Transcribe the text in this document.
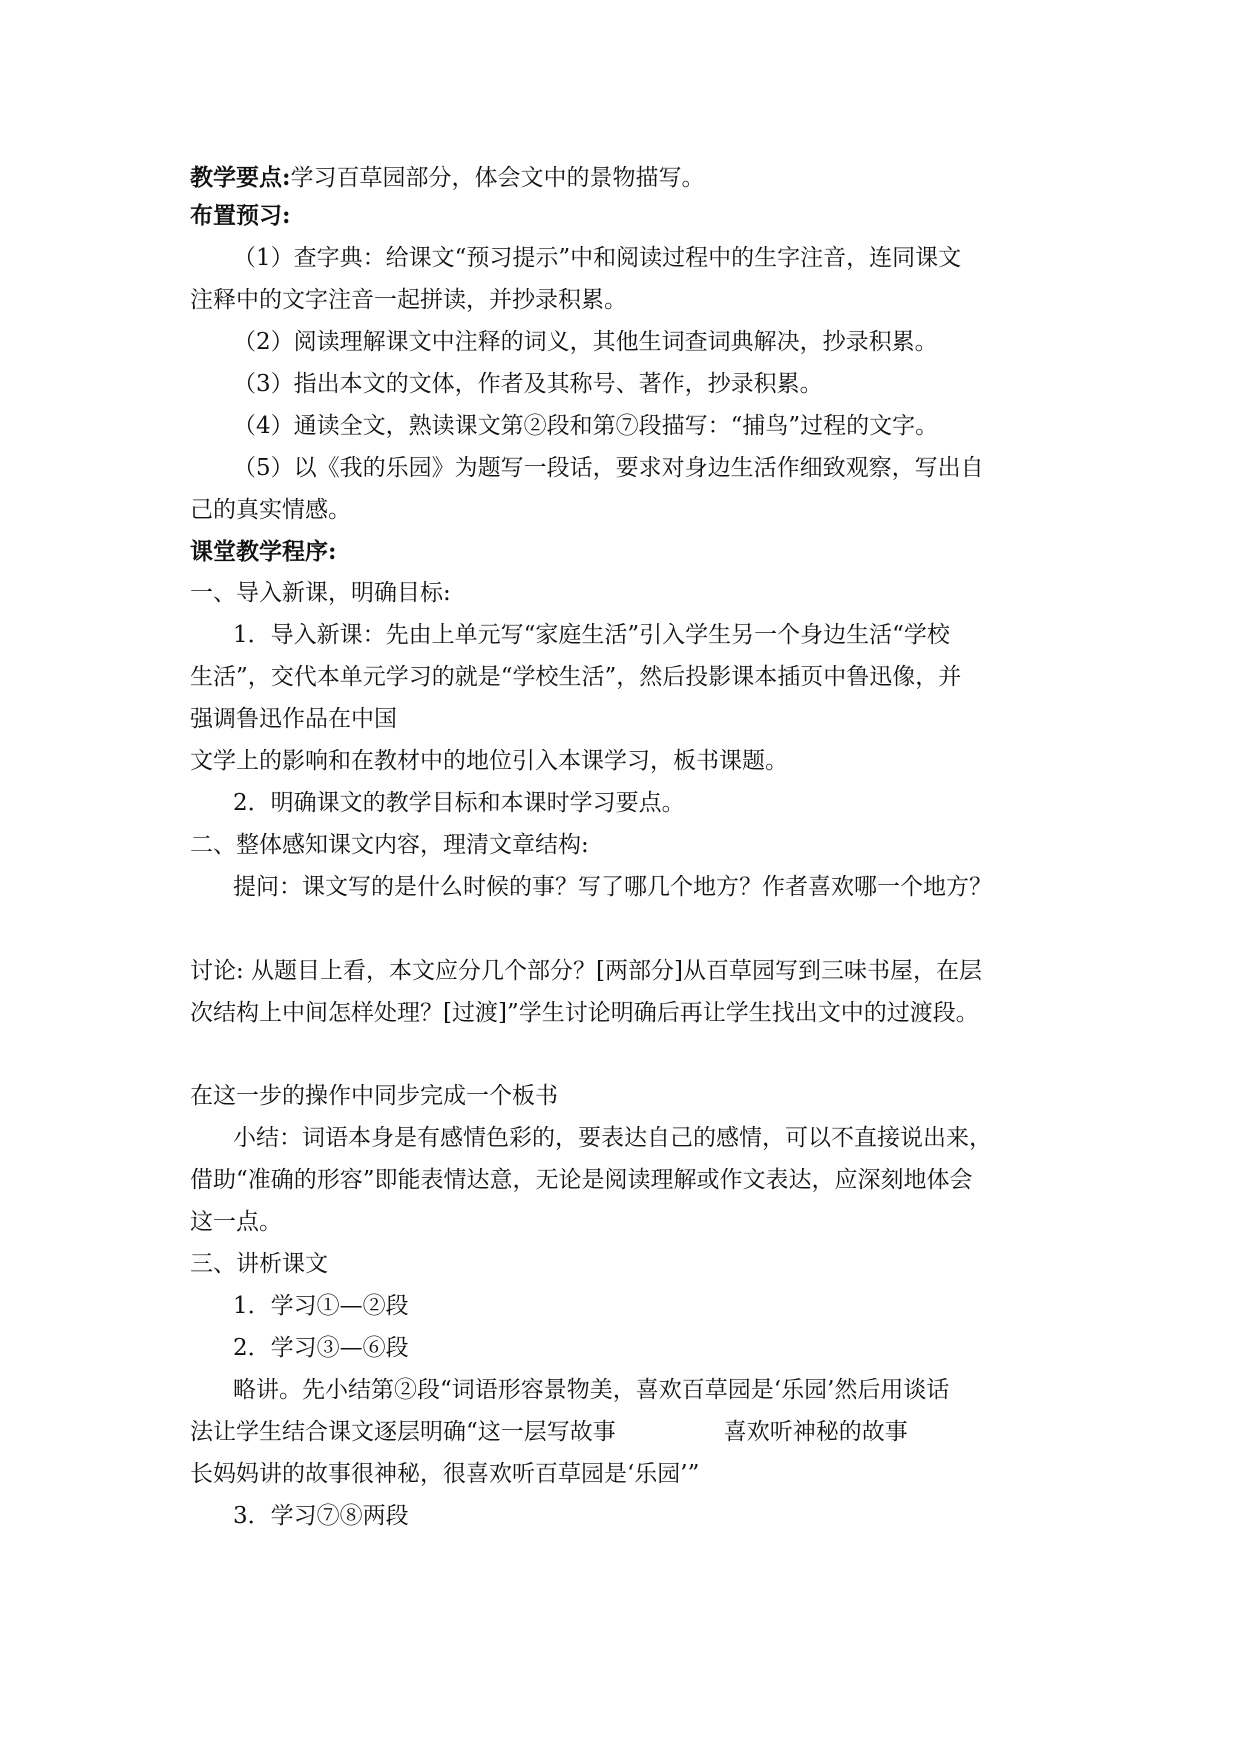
教学要点:学习百草园部分，体会文中的景物描写。
布置预习:
（1）查字典：给课文“预习提示”中和阅读过程中的生字注音，连同课文
注释中的文字注音一起拼读，并抄录积累。
（2）阅读理解课文中注释的词义，其他生词查词典解决，抄录积累。
（3）指出本文的文体，作者及其称号、著作，抄录积累。
（4）通读全文，熟读课文第②段和第⑦段描写：“捕鸟”过程的文字。
（5）以《我的乐园》为题写一段话，要求对身边生活作细致观察，写出自
己的真实情感。
课堂教学程序:
一、导入新课，明确目标:
1．导入新课：先由上单元写“家庭生活”引入学生另一个身边生活“学校
生活”，交代本单元学习的就是“学校生活”，然后投影课本插页中鲁迅像，并
强调鲁迅作品在中国
文学上的影响和在教材中的地位引入本课学习，板书课题。
2．明确课文的教学目标和本课时学习要点。
二、整体感知课文内容，理清文章结构:
提问：课文写的是什么时候的事？写了哪几个地方？作者喜欢哪一个地方？
讨论: 从题目上看，本文应分几个部分？[两部分]从百草园写到三味书屋，在层
次结构上中间怎样处理？[过渡]”学生讨论明确后再让学生找出文中的过渡段。
在这一步的操作中同步完成一个板书
小结：词语本身是有感情色彩的，要表达自己的感情，可以不直接说出来，
借助“准确的形容”即能表情达意，无论是阅读理解或作文表达，应深刻地体会
这一点。
三、讲析课文
1．学习①—②段
2．学习③—⑥段
略讲。先小结第②段“词语形容景物美，喜欢百草园是‘乐园’然后用谈话
法让学生结合课文逐层明确“这一层写故事	喜欢听神秘的故事
长妈妈讲的故事很神秘，很喜欢听百草园是‘乐园’”
3．学习⑦⑧两段
